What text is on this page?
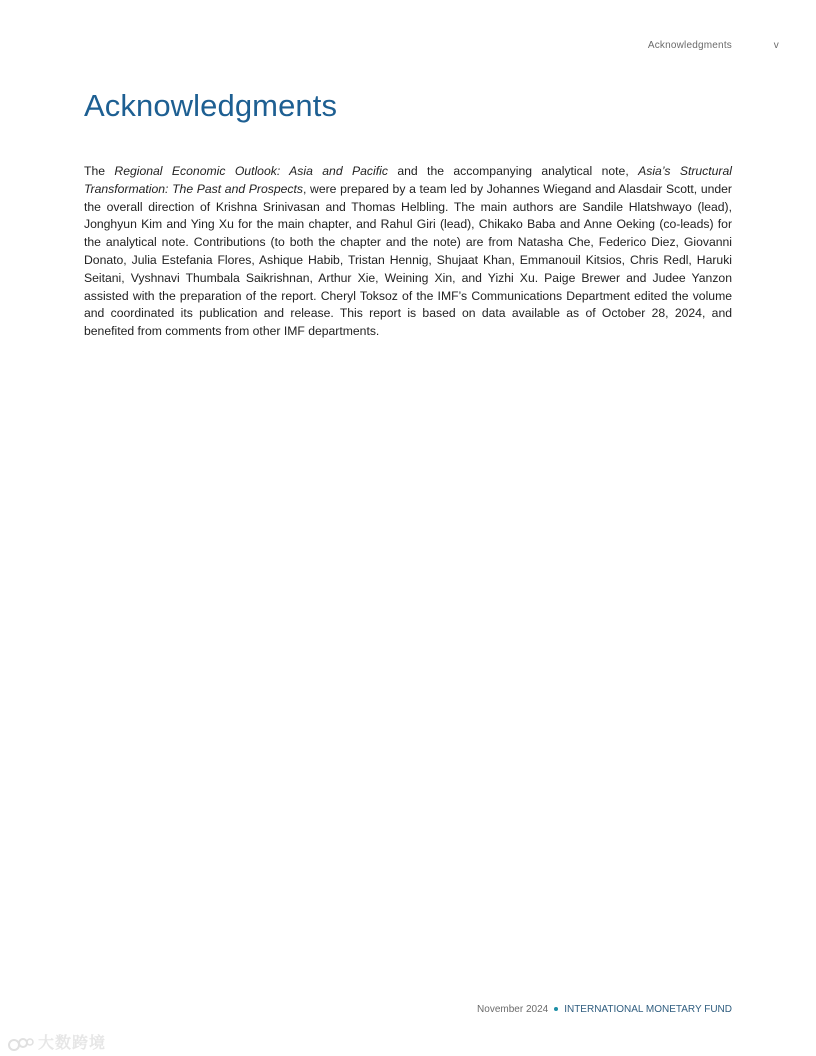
Acknowledgments	v
Acknowledgments

The Regional Economic Outlook: Asia and Pacific and the accompanying analytical note, Asia’s Structural Transformation: The Past and Prospects, were prepared by a team led by Johannes Wiegand and Alasdair Scott, under the overall direction of Krishna Srinivasan and Thomas Helbling. The main authors are Sandile Hlatshwayo (lead), Jonghyun Kim and Ying Xu for the main chapter, and Rahul Giri (lead), Chikako Baba and Anne Oeking (co-leads) for the analytical note. Contributions (to both the chapter and the note) are from Natasha Che, Federico Diez, Giovanni Donato, Julia Estefania Flores, Ashique Habib, Tristan Hennig, Shujaat Khan, Emmanouil Kitsios, Chris Redl, Haruki Seitani, Vyshnavi Thumbala Saikrishnan, Arthur Xie, Weining Xin, and Yizhi Xu. Paige Brewer and Judee Yanzon assisted with the preparation of the report. Cheryl Toksoz of the IMF’s Communications Department edited the volume and coordinated its publication and release. This report is based on data available as of October 28, 2024, and benefited from comments from other IMF departments.

November 2024 INTERNATIONAL MONETARY FUND
大数跨境
